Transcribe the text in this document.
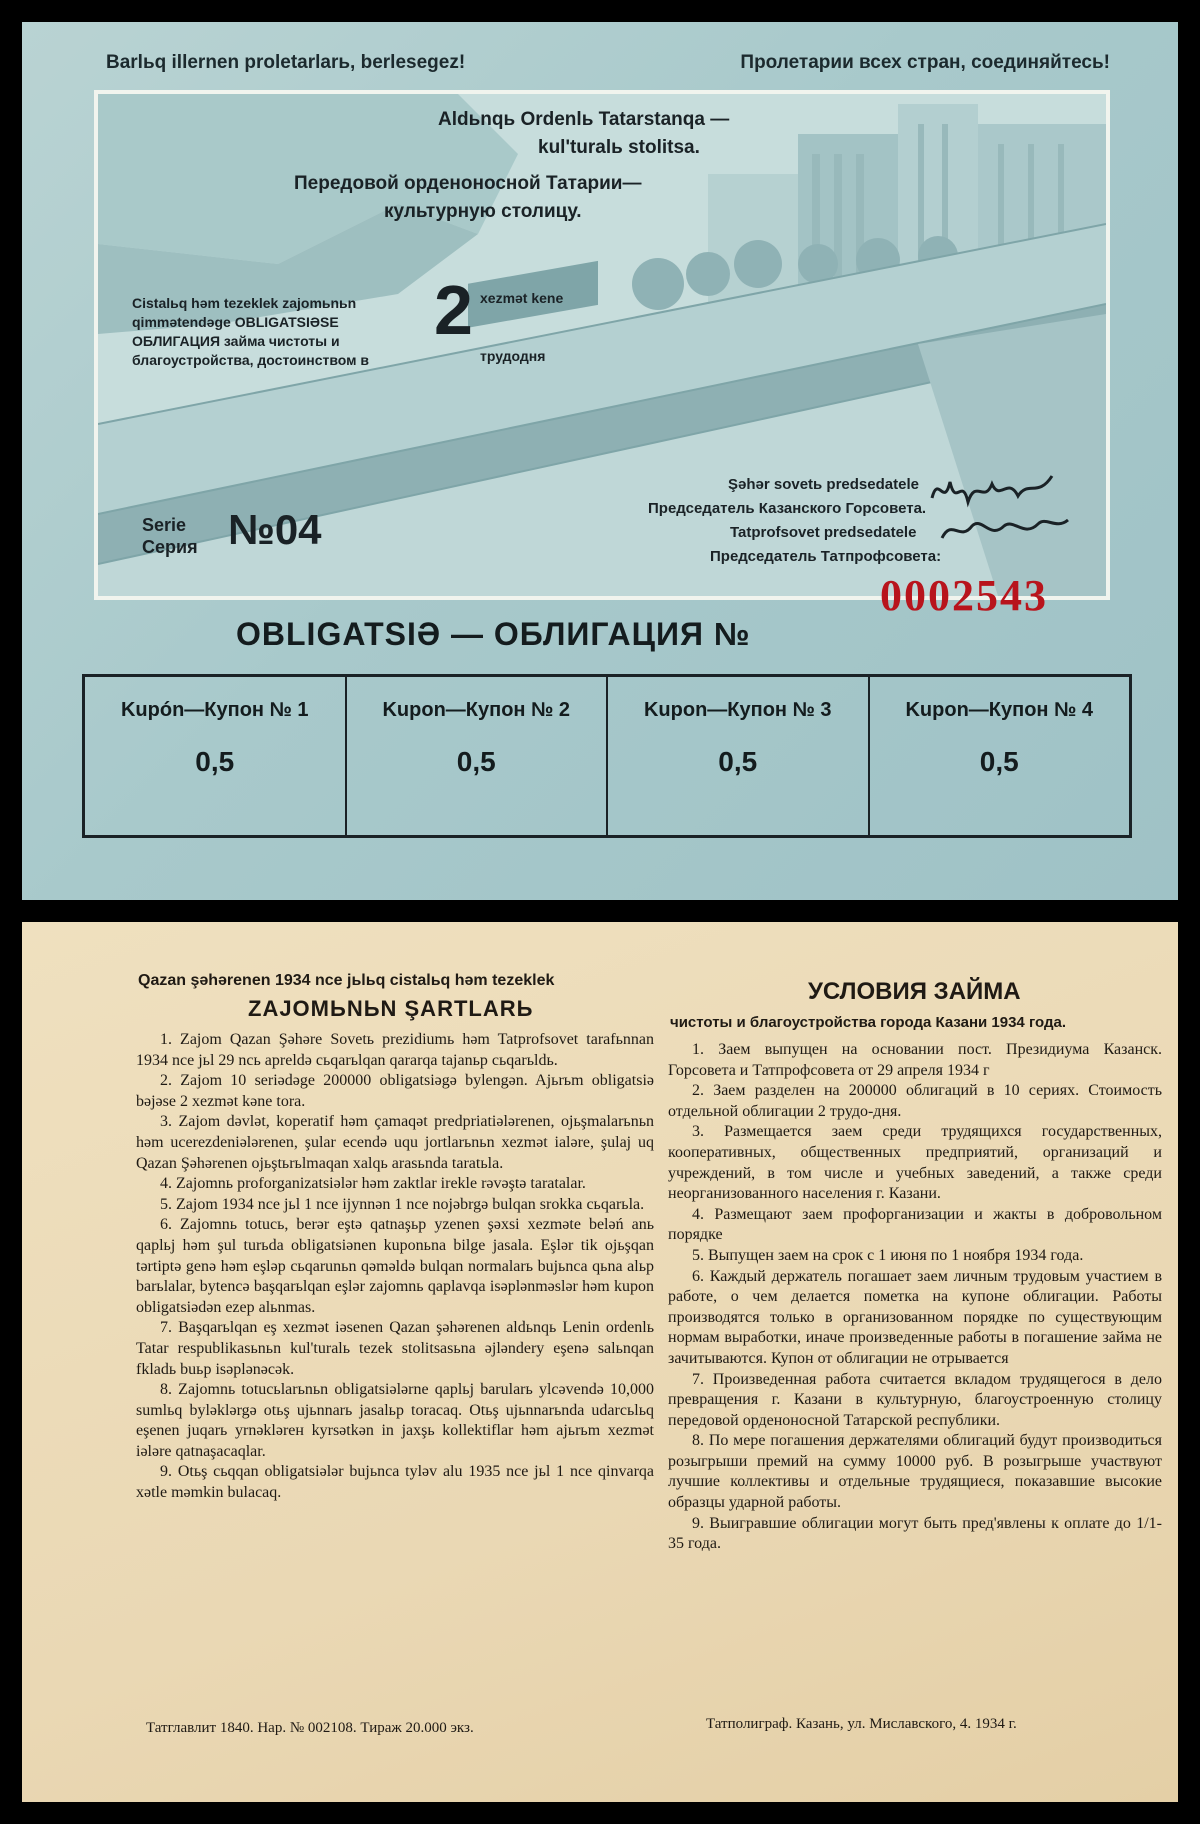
Barlьq illernen proletarlarь, berlesegez!	Пролетарии всех стран, соединяйтесь!
Aldьnqь Ordenlь Tatarstanqa —
kul'turalь stolitsa.
Передовой орденоносной Татарии—
культурную столицу.
Cistalьq həm tezeklek zajomьnьn
qimmətendəge OBLIGATSIƏSE
ОБЛИГАЦИЯ займа чистоты и
благоустройства, достоинством в
2 xezmət kene
трудодня
Serie
Серия №04
Şəhər sovetь predsedatele
Председатель Казанского Горсовета.
Tatprofsovet predsedatele
Председатель Татпрофсовета:
0002543
OBLIGATSIƏ — ОБЛИГАЦИЯ №
Kupón—Купон № 1
0,5
Kupon—Купон № 2
0,5
Kupon—Купон № 3
0,5
Kupon—Купон № 4
0,5
Qazan şəhərenen 1934 nce jьlьq cistalьq həm tezeklek
ZAJOMЬNЬN ŞARTLARЬ

1. Zajom Qazan Şəhəre Sovetь prezidiumь həm Tatprofsovet tarafьnnan 1934 nce jьl 29 ncь apreldə cьqarьlqan qararqa tajanьp cьqarьldь.

2. Zajom 10 seriədəge 200000 obligatsiəgə bylengən. Ajьrьm obligatsiə bəjəse 2 xezmət kəne tora.

3. Zajom dəvlət, koperatif həm çamaqət predpriatiələrenen, ojьşmalarьnьn həm ucerezdeniələrenen, şular ecendə uqu jortlarьnьn xezmət ialəre, şulaj uq Qazan Şəhərenen ojьştьrьlmaqan xalqь arasьnda taratьla.

4. Zajomnь proforganizatsiələr həm zaktlar irekle rəvəştə taratalar.

5. Zajom 1934 nce jьl 1 nce ijynnən 1 nce nojəbrgə bulqan srokka cьqarьla.

6. Zajomnь totucь, berər eştə qatnaşьp yzenen şəxsi xezməte beləń anь qaplьj həm şul turьda obligatsiənen kuponьna bilge jasala. Eşlər tik ojьşqan tərtiptə genə həm eşləp cьqarunьn qəməldə bulqan normalarь bujьnca qьna alьp barьlalar, bytencə başqarьlqan eşlər zajomnь qaplavqa isəplənməslər həm kupon obligatsiədən ezep alьnmas.

7. Başqarьlqan eş xezmət iəsenen Qazan şəhərenen aldьnqь Lenin ordenlь Tatar respublikasьnьn kul'turalь tezek stolitsasьna əjləndery eşenə salьnqan fkladь buьp isəplənəcək.

8. Zajomnь totucьlarьnьn obligatsiələrne qaplьj barularь ylcəvendə 10,000 sumlьq byləklərgə otьş ujьnnarь jasalьp toracaq. Otьş ujьnnarьnda udarcьlьq eşenen juqarь yrnəklərен kyrsətkən in jaxşь kollektiflar həm ajьrьm xezmət iələre qatnaşacaqlar.

9. Otьş cьqqan obligatsiələr bujьnca tyləv alu 1935 nce jьl 1 nce qinvarqa xətle məmkin bulacaq.

Татглавлит 1840. Нар. № 002108. Тираж 20.000 экз.
УСЛОВИЯ ЗАЙМА
чистоты и благоустройства города Казани 1934 года.

1. Заем выпущен на основании пост. Президиума Казанск. Горсовета и Татпрофсовета от 29 апреля 1934 г

2. Заем разделен на 200000 облигаций в 10 сериях. Стоимость отдельной облигации 2 трудо-дня.

3. Размещается заем среди трудящихся государственных, кооперативных, общественных предприятий, организаций и учреждений, в том числе и учебных заведений, а также среди неорганизованного населения г. Казани.

4. Размещают заем профорганизации и жакты в добровольном порядке

5. Выпущен заем на срок с 1 июня по 1 ноября 1934 года.

6. Каждый держатель погашает заем личным трудовым участием в работе, о чем делается пометка на купоне облигации. Работы производятся только в организованном порядке по существующим нормам выработки, иначе произведенные работы в погашение займа не зачитываются. Купон от облигации не отрывается

7. Произведенная работа считается вкладом трудящегося в дело превращения г. Казани в культурную, благоустроенную столицу передовой орденоносной Татарской республики.

8. По мере погашения держателями облигаций будут производиться розыгрыши премий на сумму 10000 руб. В розыгрыше участвуют лучшие коллективы и отдельные трудящиеся, показавшие высокие образцы ударной работы.

9. Выигравшие облигации могут быть пред'явлены к оплате до 1/1-35 года.

Татполиграф. Казань, ул. Миславского, 4. 1934 г.
